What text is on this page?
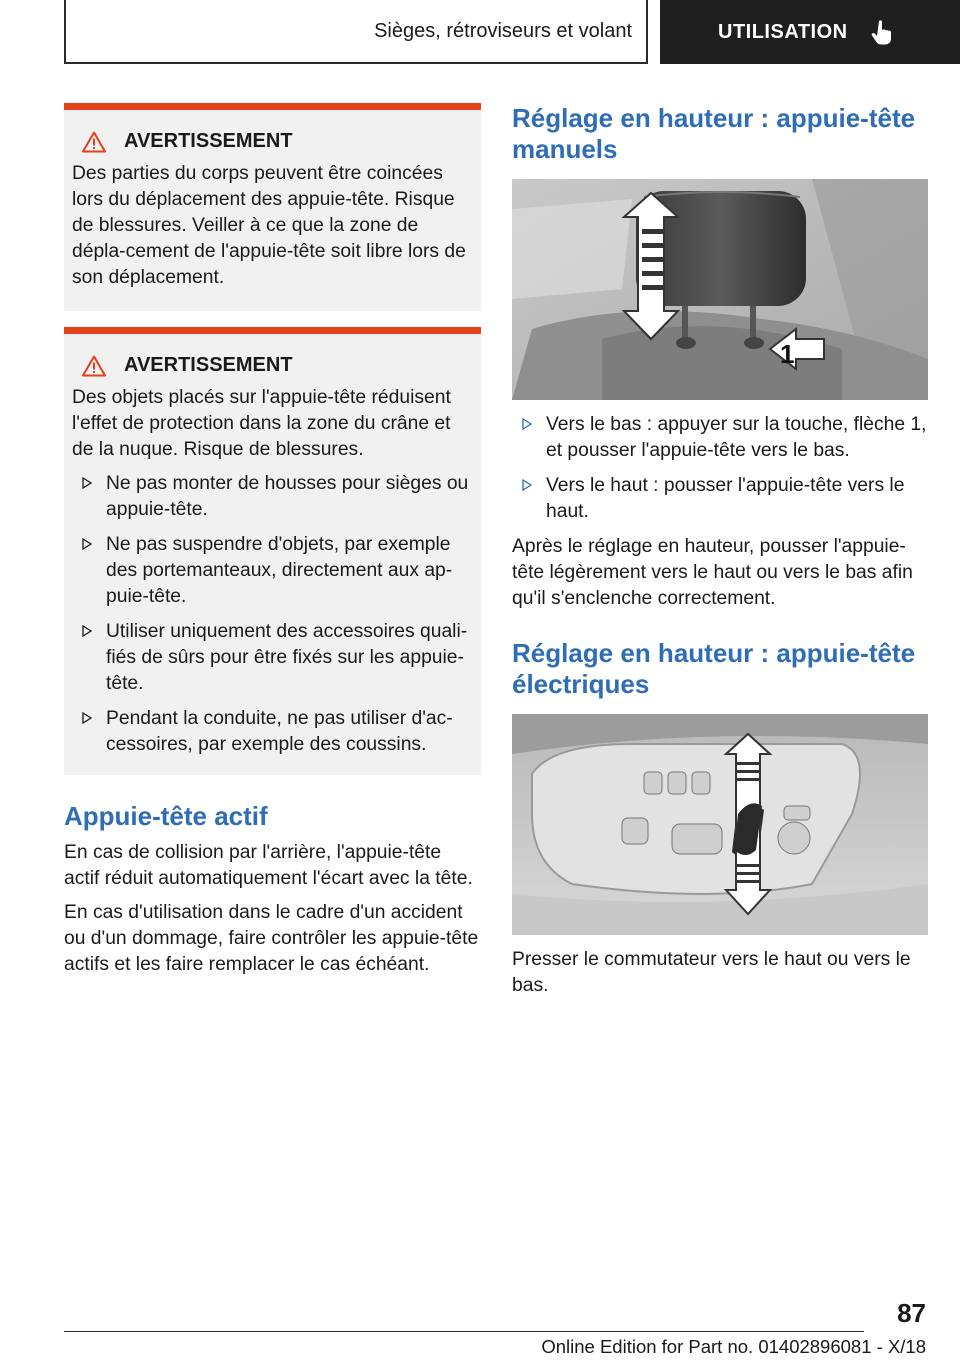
Sièges, rétroviseurs et volant	UTILISATION
AVERTISSEMENT

Des parties du corps peuvent être coincées lors du déplacement des appuie-tête. Risque de blessures. Veiller à ce que la zone de dépla-cement de l'appuie-tête soit libre lors de son déplacement.

AVERTISSEMENT

Des objets placés sur l'appuie-tête réduisent l'effet de protection dans la zone du crâne et de la nuque. Risque de blessures.

Ne pas monter de housses pour sièges ou appuie-tête.
Ne pas suspendre d'objets, par exemple des portemanteaux, directement aux ap-puie-tête.
Utiliser uniquement des accessoires quali-fiés de sûrs pour être fixés sur les appuie-tête.
Pendant la conduite, ne pas utiliser d'ac-cessoires, par exemple des coussins.
Appuie-tête actif

En cas de collision par l'arrière, l'appuie-tête actif réduit automatiquement l'écart avec la tête.

En cas d'utilisation dans le cadre d'un accident ou d'un dommage, faire contrôler les appuie-tête actifs et les faire remplacer le cas échéant.

Réglage en hauteur : appuie-tête manuels
1
Vers le bas : appuyer sur la touche, flèche 1, et pousser l'appuie-tête vers le bas.
Vers le haut : pousser l'appuie-tête vers le haut.

Après le réglage en hauteur, pousser l'appuie-tête légèrement vers le haut ou vers le bas afin qu'il s'enclenche correctement.

Réglage en hauteur : appuie-tête électriques

Presser le commutateur vers le haut ou vers le bas.

87
Online Edition for Part no. 01402896081 - X/18
